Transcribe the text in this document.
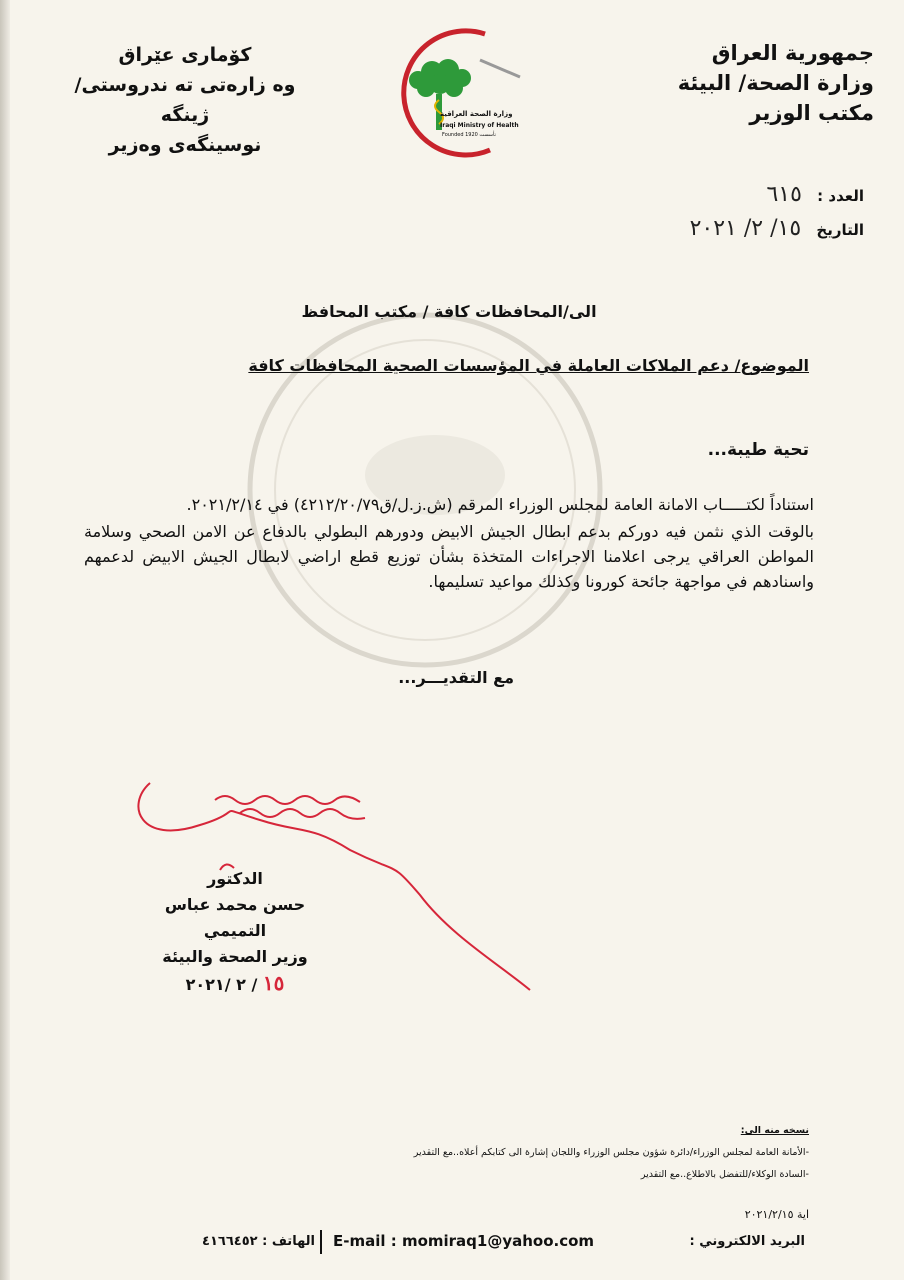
جمهورية العراق
وزارة الصحة/ البيئة
مكتب الوزير
كۆماری عێراق
وه زارەتی تە ندروستی/ ژینگە
نوسینگەی وەزیر
وزارة الصحة العراقية
Iraqi Ministry of Health
Founded 1920 تأسست
العدد : ٦١٥
التاريخ ١٥/ ٢/ ٢٠٢١
الى/المحافظات كافة / مكتب المحافظ
الموضوع/ دعم الملاكات العاملة في المؤسسات الصحية المحافظات كافة
تحية طيبة...

استناداً لكتـــــاب الامانة العامة لمجلس الوزراء المرقم (ش.ز.ل/ق٤٢١٢/٢٠/٧٩) في ٢٠٢١/٢/١٤.

بالوقت الذي نثمن فيه دوركم بدعم ابطال الجيش الابيض ودورهم البطولي بالدفاع عن الامن الصحي وسلامة المواطن العراقي يرجى اعلامنا الاجراءات المتخذة بشأن توزيع قطع اراضي لابطال الجيش الابيض لدعمهم واسنادهم في مواجهة جائحة كورونا وكذلك مواعيد تسليمها.

مع التقديـــر...
الدكتور
حسن محمد عباس التميمي
وزير الصحة والبيئة
١٥ / ٢ /٢٠٢١
نسخه منه الى:
-الأمانة العامة لمجلس الوزراء/دائرة شؤون مجلس الوزراء واللجان إشارة الى كتابكم أعلاه..مع التقدير
-السادة الوكلاء/للتفضل بالاطلاع..مع التقدير
اية ٢٠٢١/٢/١٥
البريد الالكتروني :
E-mail : momiraq1@yahoo.com
الهاتف : ٤١٦٦٤٥٢
